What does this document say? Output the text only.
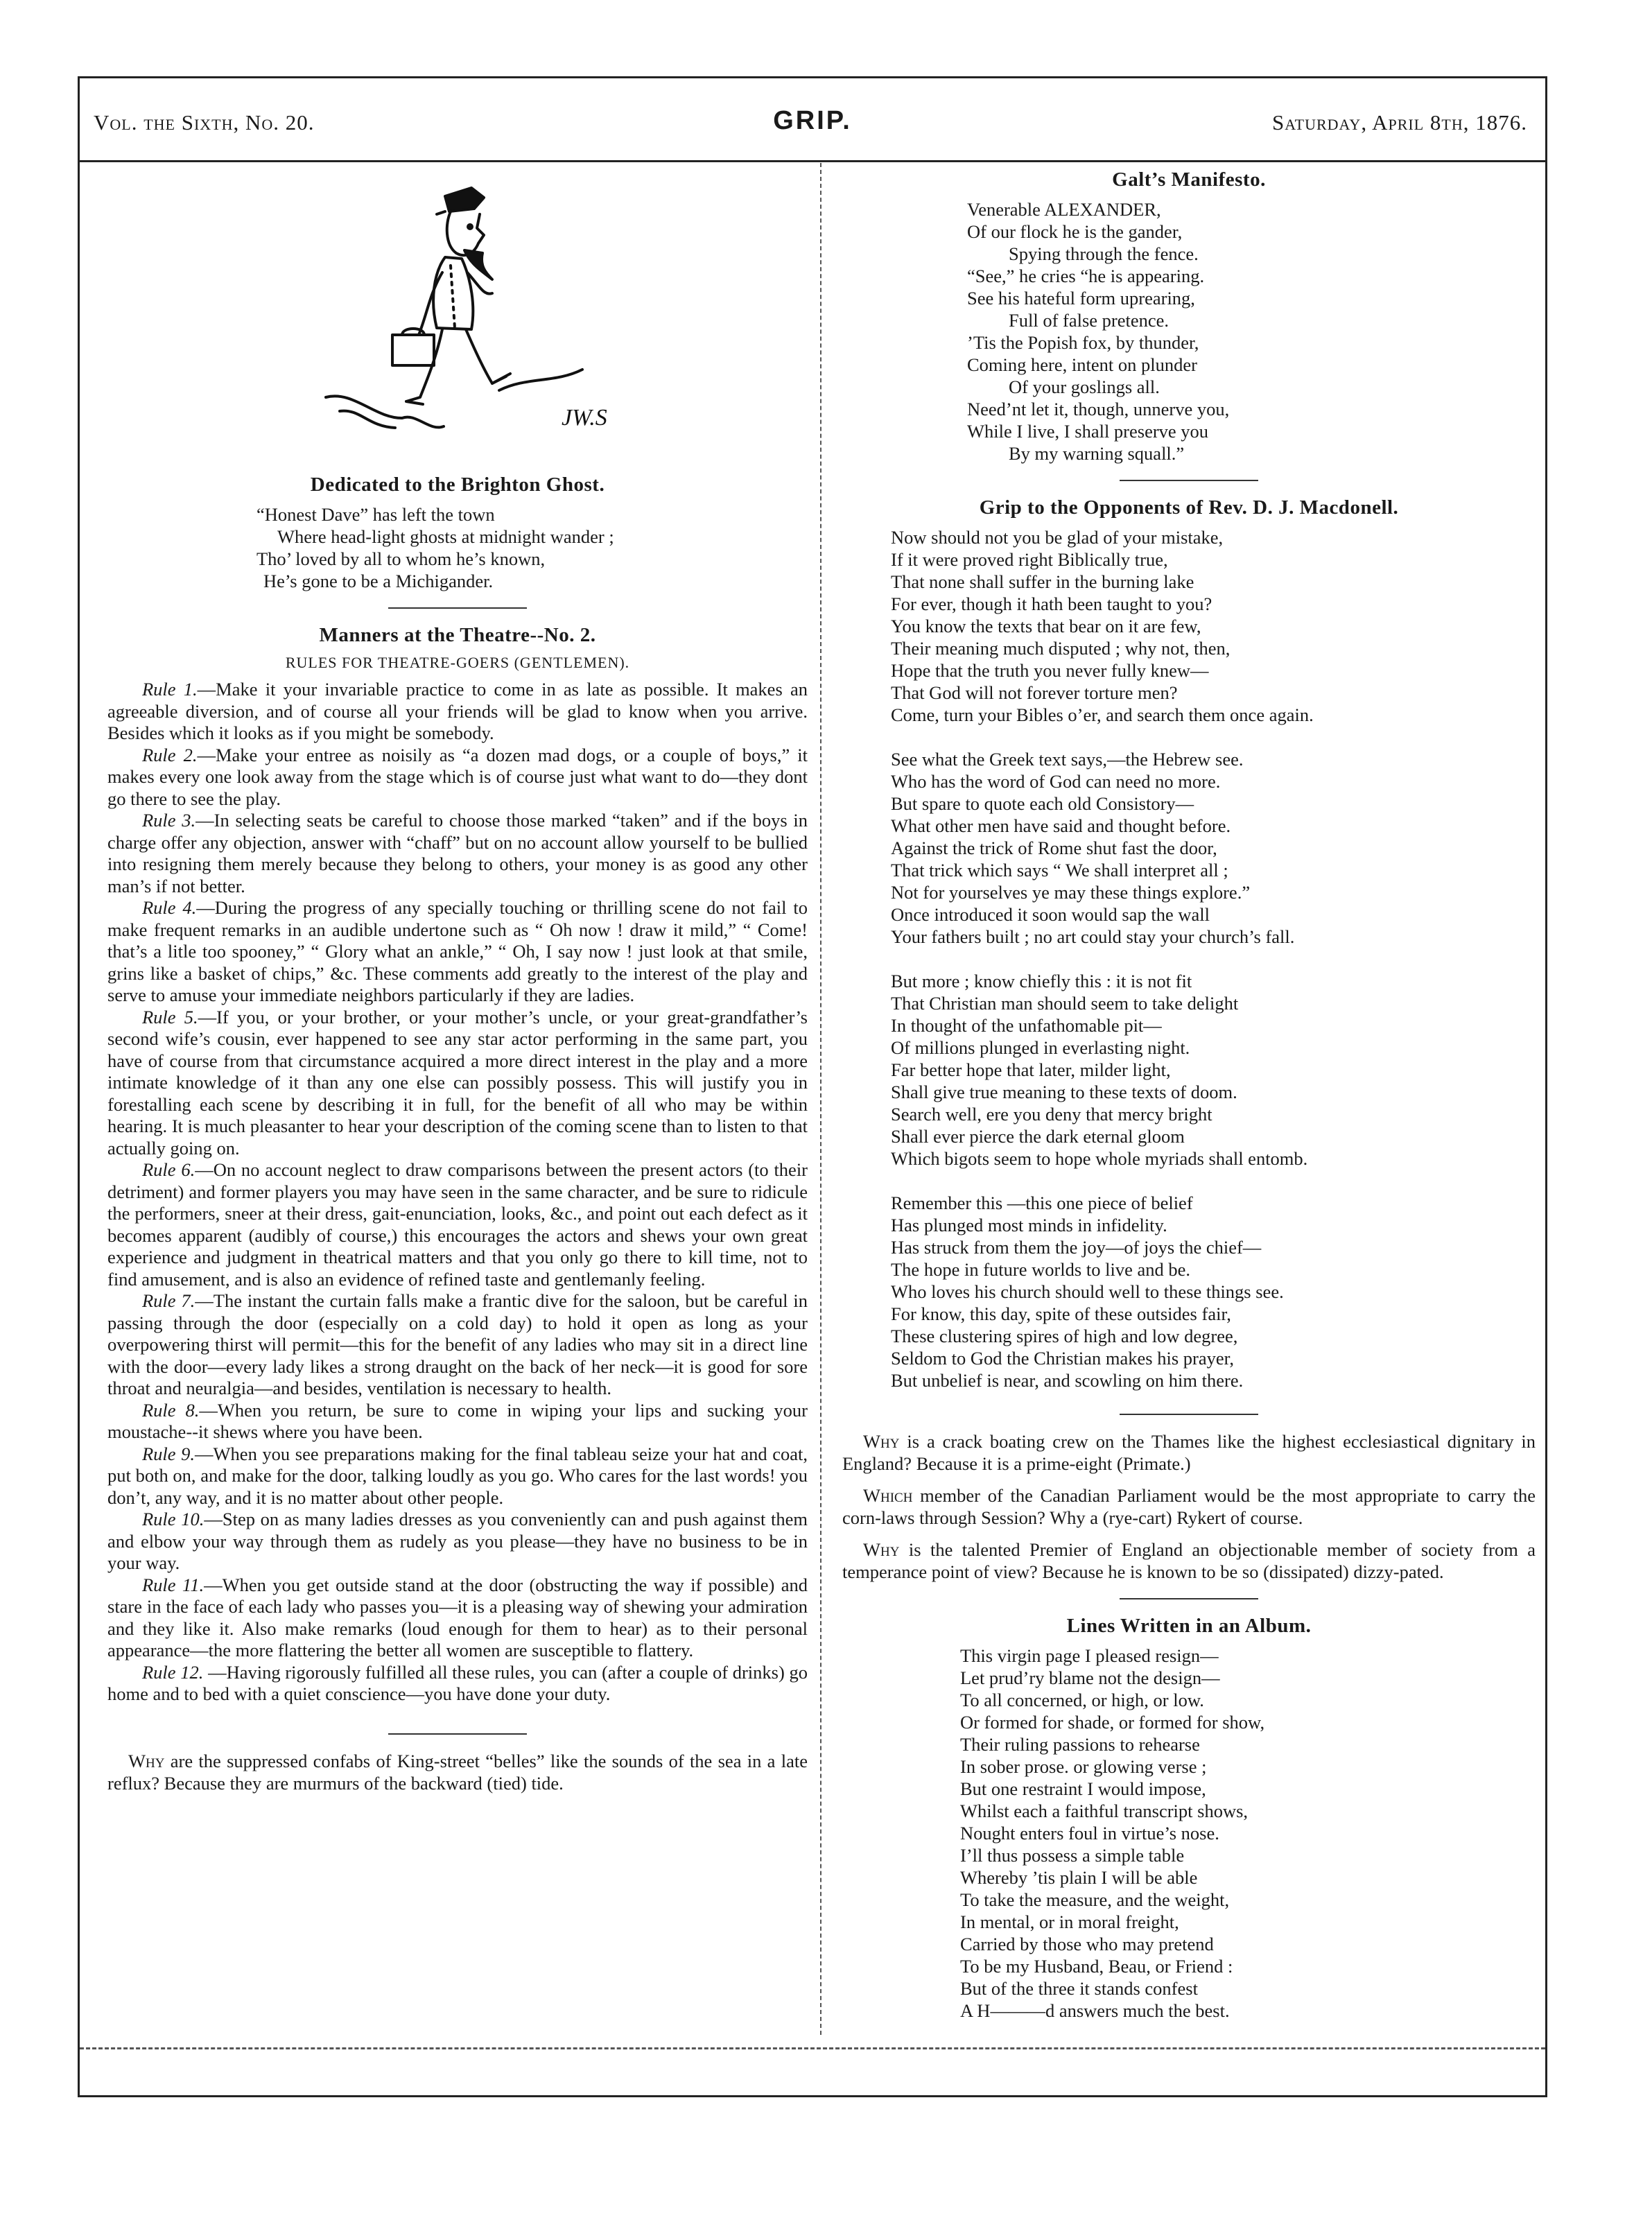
Vol. the Sixth, No. 20.	GRIP.	Saturday, April 8th, 1876.
JW.S
Dedicated to the Brighton Ghost.
“Honest Dave” has left the town
Where head-light ghosts at midnight wander ;
Tho’ loved by all to whom he’s known,
He’s gone to be a Michigander.
Manners at the Theatre--No. 2.
RULES FOR THEATRE-GOERS (GENTLEMEN).

Rule 1.—Make it your invariable practice to come in as late as possible. It makes an agreeable diversion, and of course all your friends will be glad to know when you arrive. Besides which it looks as if you might be somebody.

Rule 2.—Make your entree as noisily as “a dozen mad dogs, or a couple of boys,” it makes every one look away from the stage which is of course just what want to do—they dont go there to see the play.

Rule 3.—In selecting seats be careful to choose those marked “taken” and if the boys in charge offer any objection, answer with “chaff” but on no account allow yourself to be bullied into resigning them merely because they belong to others, your money is as good any other man’s if not better.

Rule 4.—During the progress of any specially touching or thrilling scene do not fail to make frequent remarks in an audible undertone such as “ Oh now ! draw it mild,” “ Come! that’s a litle too spooney,” “ Glory what an ankle,” “ Oh, I say now ! just look at that smile, grins like a basket of chips,” &c. These comments add greatly to the interest of the play and serve to amuse your immediate neighbors particularly if they are ladies.

Rule 5.—If you, or your brother, or your mother’s uncle, or your great-grandfather’s second wife’s cousin, ever happened to see any star actor performing in the same part, you have of course from that circumstance acquired a more direct interest in the play and a more intimate knowledge of it than any one else can possibly possess. This will justify you in forestalling each scene by describing it in full, for the benefit of all who may be within hearing. It is much pleasanter to hear your description of the coming scene than to listen to that actually going on.

Rule 6.—On no account neglect to draw comparisons between the present actors (to their detriment) and former players you may have seen in the same character, and be sure to ridicule the performers, sneer at their dress, gait-enunciation, looks, &c., and point out each defect as it becomes apparent (audibly of course,) this encourages the actors and shews your own great experience and judgment in theatrical matters and that you only go there to kill time, not to find amusement, and is also an evidence of refined taste and gentlemanly feeling.

Rule 7.—The instant the curtain falls make a frantic dive for the saloon, but be careful in passing through the door (especially on a cold day) to hold it open as long as your overpowering thirst will permit—this for the benefit of any ladies who may sit in a direct line with the door—every lady likes a strong draught on the back of her neck—it is good for sore throat and neuralgia—and besides, ventilation is necessary to health.

Rule 8.—When you return, be sure to come in wiping your lips and sucking your moustache--it shews where you have been.

Rule 9.—When you see preparations making for the final tableau seize your hat and coat, put both on, and make for the door, talking loudly as you go. Who cares for the last words! you don’t, any way, and it is no matter about other people.

Rule 10.—Step on as many ladies dresses as you conveniently can and push against them and elbow your way through them as rudely as you please—they have no business to be in your way.

Rule 11.—When you get outside stand at the door (obstructing the way if possible) and stare in the face of each lady who passes you—it is a pleasing way of shewing your admiration and they like it. Also make remarks (loud enough for them to hear) as to their personal appearance—the more flattering the better all women are susceptible to flattery.

Rule 12. —Having rigorously fulfilled all these rules, you can (after a couple of drinks) go home and to bed with a quiet conscience—you have done your duty.

Why are the suppressed confabs of King-street “belles” like the sounds of the sea in a late reflux? Because they are murmurs of the backward (tied) tide.

Galt’s Manifesto.
Venerable ALEXANDER,
Of our flock he is the gander,
Spying through the fence.
“See,” he cries “he is appearing.
See his hateful form uprearing,
Full of false pretence.
’Tis the Popish fox, by thunder,
Coming here, intent on plunder
Of your goslings all.
Need’nt let it, though, unnerve you,
While I live, I shall preserve you
By my warning squall.”
Grip to the Opponents of Rev. D. J. Macdonell.
Now should not you be glad of your mistake,
If it were proved right Biblically true,
That none shall suffer in the burning lake
For ever, though it hath been taught to you?
You know the texts that bear on it are few,
Their meaning much disputed ; why not, then,
Hope that the truth you never fully knew—
That God will not forever torture men?
Come, turn your Bibles o’er, and search them once again.
See what the Greek text says,—the Hebrew see.
Who has the word of God can need no more.
But spare to quote each old Consistory—
What other men have said and thought before.
Against the trick of Rome shut fast the door,
That trick which says “ We shall interpret all ;
Not for yourselves ye may these things explore.”
Once introduced it soon would sap the wall
Your fathers built ; no art could stay your church’s fall.
But more ; know chiefly this : it is not fit
That Christian man should seem to take delight
In thought of the unfathomable pit—
Of millions plunged in everlasting night.
Far better hope that later, milder light,
Shall give true meaning to these texts of doom.
Search well, ere you deny that mercy bright
Shall ever pierce the dark eternal gloom
Which bigots seem to hope whole myriads shall entomb.
Remember this —this one piece of belief
Has plunged most minds in infidelity.
Has struck from them the joy—of joys the chief—
The hope in future worlds to live and be.
Who loves his church should well to these things see.
For know, this day, spite of these outsides fair,
These clustering spires of high and low degree,
Seldom to God the Christian makes his prayer,
But unbelief is near, and scowling on him there.

Why is a crack boating crew on the Thames like the highest ecclesiastical dignitary in England? Because it is a prime-eight (Primate.)

Which member of the Canadian Parliament would be the most appropriate to carry the corn-laws through Session? Why a (rye-cart) Rykert of course.

Why is the talented Premier of England an objectionable member of society from a temperance point of view? Because he is known to be so (dissipated) dizzy-pated.

Lines Written in an Album.
This virgin page I pleased resign—
Let prud’ry blame not the design—
To all concerned, or high, or low.
Or formed for shade, or formed for show,
Their ruling passions to rehearse
In sober prose. or glowing verse ;
But one restraint I would impose,
Whilst each a faithful transcript shows,
Nought enters foul in virtue’s nose.
I’ll thus possess a simple table
Whereby ’tis plain I will be able
To take the measure, and the weight,
In mental, or in moral freight,
Carried by those who may pretend
To be my Husband, Beau, or Friend :
But of the three it stands confest
A H———d answers much the best.
